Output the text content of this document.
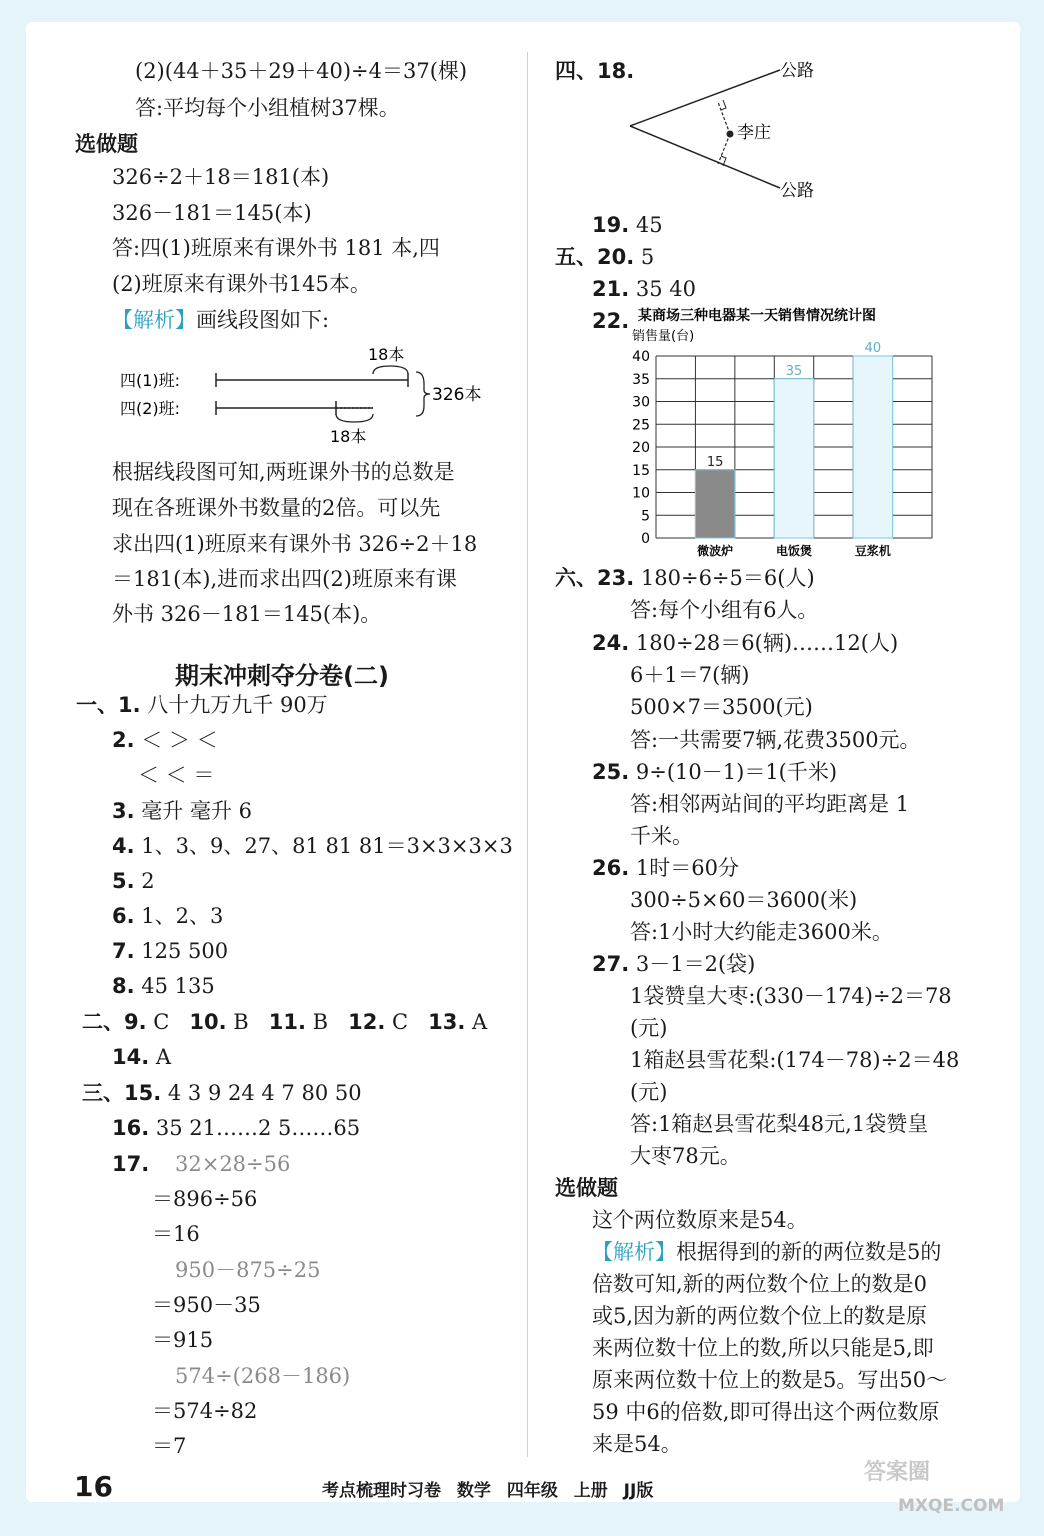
(2)(44＋35＋29＋40)÷4＝37(棵)
答:平均每个小组植树37棵。
选做题
326÷2＋18＝181(本)
326－181＝145(本)
答:四(1)班原来有课外书 181 本,四
(2)班原来有课外书145本。
【解析】画线段图如下:
四(1)班:
四(2)班:
18本
18本
326本
根据线段图可知,两班课外书的总数是
现在各班课外书数量的2倍。可以先
求出四(1)班原来有课外书 326÷2＋18
＝181(本),进而求出四(2)班原来有课
外书 326－181＝145(本)。
期末冲刺夺分卷(二)
一、1. 八十九万九千 90万
2. ＜ ＞ ＜
＜ ＜ ＝
3. 毫升 毫升 6
4. 1、3、9、27、81 81 81＝3×3×3×3
5. 2
6. 1、2、3
7. 125 500
8. 45 135
二、9. C 10. B 11. B 12. C 13. A
14. A
三、15. 4 3 9 24 4 7 80 50
16. 35 21……2 5……65
17. 32×28÷56
＝896÷56
＝16
950－875÷25
＝950－35
＝915
574÷(268－186)
＝574÷82
＝7
四、18.	公路
公路
李庄
19. 45
五、20. 5
21. 35 40
22. 某商场三种电器某一天销售情况统计图
销售量(台)
0
5
10
15
20
25
30
35
40
15
微波炉
35
电饭煲
40
豆浆机
六、23. 180÷6÷5＝6(人)
答:每个小组有6人。
24. 180÷28＝6(辆)……12(人)
6＋1＝7(辆)
500×7＝3500(元)
答:一共需要7辆,花费3500元。
25. 9÷(10－1)＝1(千米)
答:相邻两站间的平均距离是 1
千米。
26. 1时＝60分
300÷5×60＝3600(米)
答:1小时大约能走3600米。
27. 3－1＝2(袋)
1袋赞皇大枣:(330－174)÷2＝78
(元)
1箱赵县雪花梨:(174－78)÷2＝48
(元)
答:1箱赵县雪花梨48元,1袋赞皇
大枣78元。
选做题
这个两位数原来是54。
【解析】根据得到的新的两位数是5的
倍数可知,新的两位数个位上的数是0
或5,因为新的两位数个位上的数是原
来两位数十位上的数,所以只能是5,即
原来两位数十位上的数是5。写出50～
59 中6的倍数,即可得出这个两位数原
来是54。
16	考点梳理时习卷 数学 四年级 上册 JJ版
答案圈
MXQE.COM
